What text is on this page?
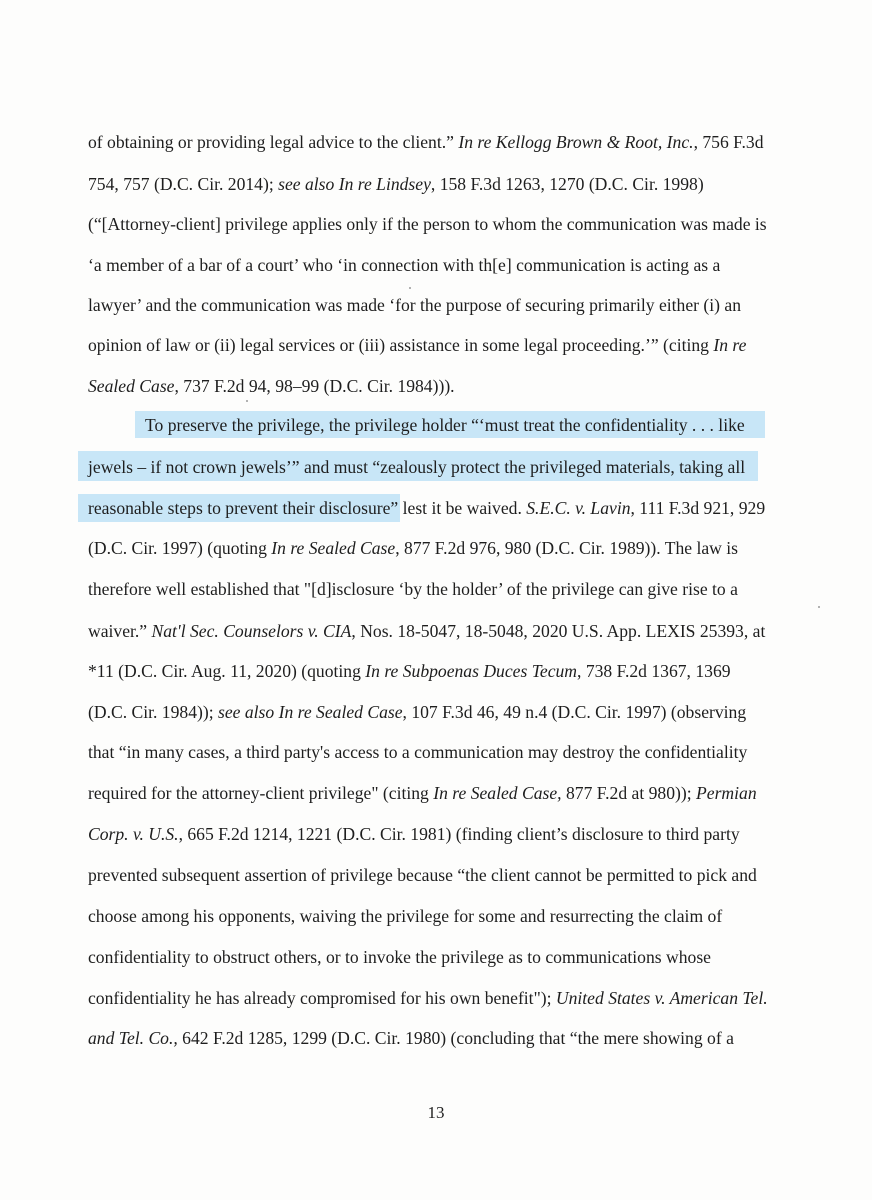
of obtaining or providing legal advice to the client.” In re Kellogg Brown & Root, Inc., 756 F.3d
754, 757 (D.C. Cir. 2014); see also In re Lindsey, 158 F.3d 1263, 1270 (D.C. Cir. 1998)
(“[Attorney-client] privilege applies only if the person to whom the communication was made is
‘a member of a bar of a court’ who ‘in connection with th[e] communication is acting as a
lawyer’ and the communication was made ‘for the purpose of securing primarily either (i) an
opinion of law or (ii) legal services or (iii) assistance in some legal proceeding.’” (citing In re
Sealed Case, 737 F.2d 94, 98–99 (D.C. Cir. 1984))).
To preserve the privilege, the privilege holder “‘must treat the confidentiality . . . like
jewels – if not crown jewels’” and must “zealously protect the privileged materials, taking all
reasonable steps to prevent their disclosure” lest it be waived. S.E.C. v. Lavin, 111 F.3d 921, 929
(D.C. Cir. 1997) (quoting In re Sealed Case, 877 F.2d 976, 980 (D.C. Cir. 1989)). The law is
therefore well established that "[d]isclosure ‘by the holder’ of the privilege can give rise to a
waiver.” Nat'l Sec. Counselors v. CIA, Nos. 18-5047, 18-5048, 2020 U.S. App. LEXIS 25393, at
*11 (D.C. Cir. Aug. 11, 2020) (quoting In re Subpoenas Duces Tecum, 738 F.2d 1367, 1369
(D.C. Cir. 1984)); see also In re Sealed Case, 107 F.3d 46, 49 n.4 (D.C. Cir. 1997) (observing
that “in many cases, a third party's access to a communication may destroy the confidentiality
required for the attorney-client privilege" (citing In re Sealed Case, 877 F.2d at 980)); Permian
Corp. v. U.S., 665 F.2d 1214, 1221 (D.C. Cir. 1981) (finding client’s disclosure to third party
prevented subsequent assertion of privilege because “the client cannot be permitted to pick and
choose among his opponents, waiving the privilege for some and resurrecting the claim of
confidentiality to obstruct others, or to invoke the privilege as to communications whose
confidentiality he has already compromised for his own benefit"); United States v. American Tel.
and Tel. Co., 642 F.2d 1285, 1299 (D.C. Cir. 1980) (concluding that “the mere showing of a
13
